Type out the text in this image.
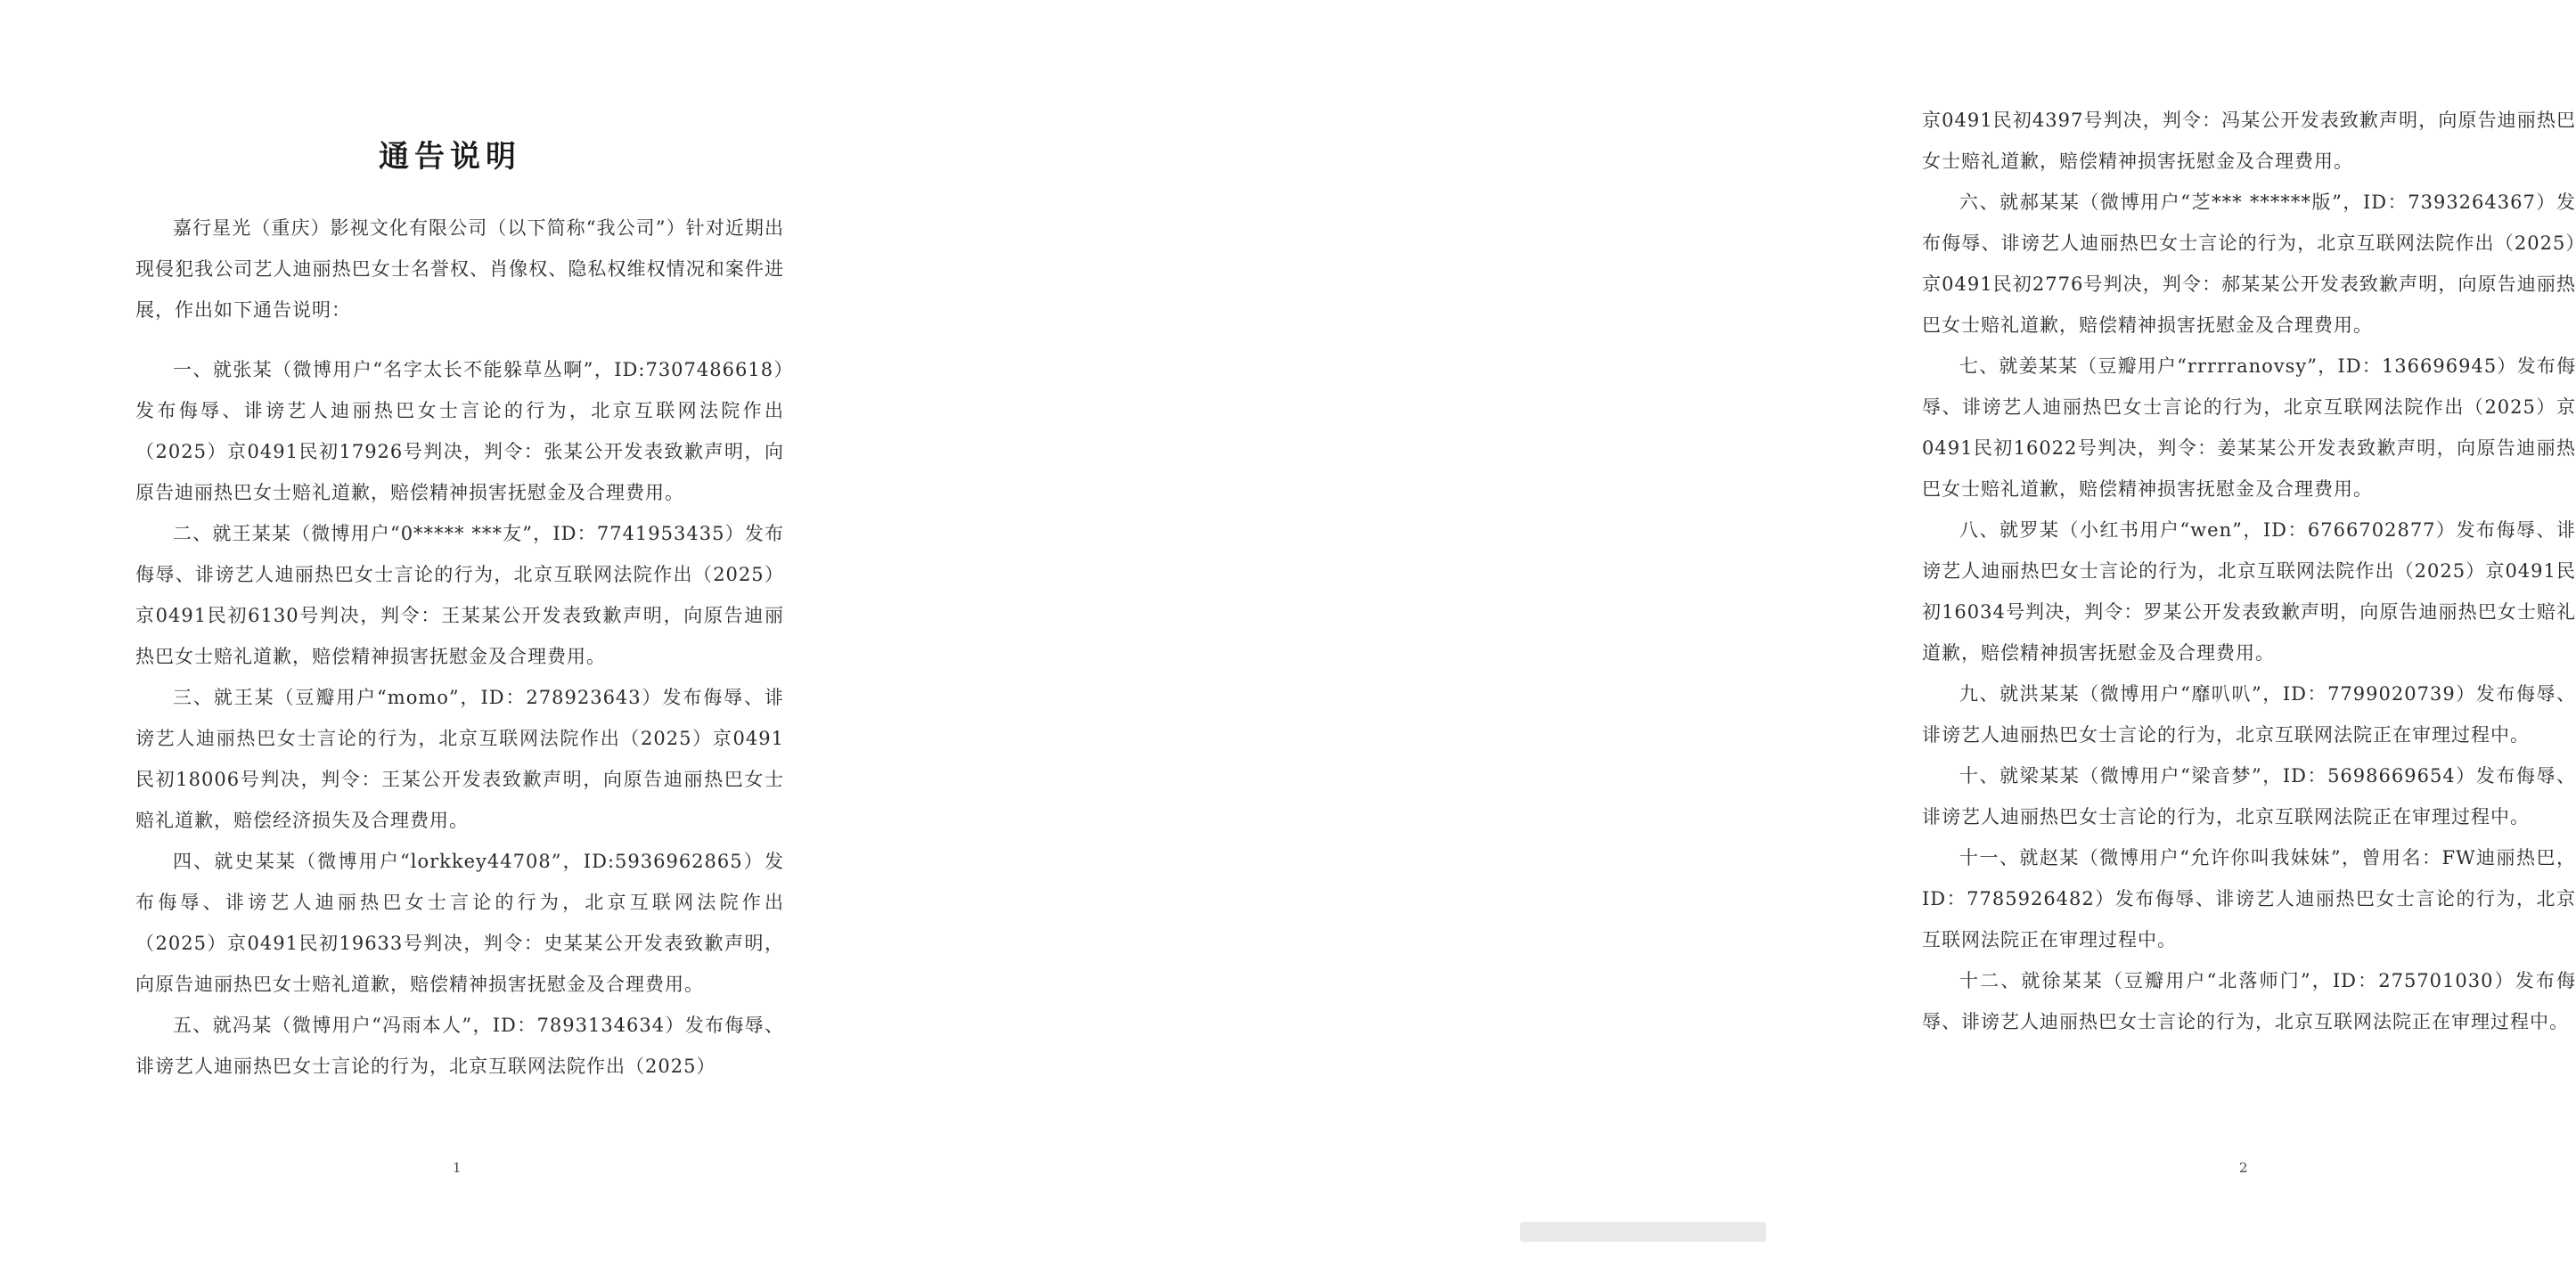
通告说明

嘉行星光（重庆）影视文化有限公司（以下简称“我公司”）针对近期出现侵犯我公司艺人迪丽热巴女士名誉权、肖像权、隐私权维权情况和案件进展，作出如下通告说明：

一、就张某（微博用户“名字太长不能躲草丛啊”，ID:7307486618）发布侮辱、诽谤艺人迪丽热巴女士言论的行为，北京互联网法院作出（2025）京0491民初17926号判决，判令：张某公开发表致歉声明，向原告迪丽热巴女士赔礼道歉，赔偿精神损害抚慰金及合理费用。

二、就王某某（微博用户“0***** ***友”，ID：7741953435）发布侮辱、诽谤艺人迪丽热巴女士言论的行为，北京互联网法院作出（2025）京0491民初6130号判决，判令：王某某公开发表致歉声明，向原告迪丽热巴女士赔礼道歉，赔偿精神损害抚慰金及合理费用。

三、就王某（豆瓣用户“momo”，ID：278923643）发布侮辱、诽谤艺人迪丽热巴女士言论的行为，北京互联网法院作出（2025）京0491民初18006号判决，判令：王某公开发表致歉声明，向原告迪丽热巴女士赔礼道歉，赔偿经济损失及合理费用。

四、就史某某（微博用户“lorkkey44708”，ID:5936962865）发布侮辱、诽谤艺人迪丽热巴女士言论的行为，北京互联网法院作出（2025）京0491民初19633号判决，判令：史某某公开发表致歉声明，向原告迪丽热巴女士赔礼道歉，赔偿精神损害抚慰金及合理费用。

五、就冯某（微博用户“冯雨本人”，ID：7893134634）发布侮辱、诽谤艺人迪丽热巴女士言论的行为，北京互联网法院作出（2025）

1

京0491民初4397号判决，判令：冯某公开发表致歉声明，向原告迪丽热巴女士赔礼道歉，赔偿精神损害抚慰金及合理费用。

六、就郝某某（微博用户“芝*** ******版”，ID：7393264367）发布侮辱、诽谤艺人迪丽热巴女士言论的行为，北京互联网法院作出（2025）京0491民初2776号判决，判令：郝某某公开发表致歉声明，向原告迪丽热巴女士赔礼道歉，赔偿精神损害抚慰金及合理费用。

七、就姜某某（豆瓣用户“rrrrranovsy”，ID：136696945）发布侮辱、诽谤艺人迪丽热巴女士言论的行为，北京互联网法院作出（2025）京0491民初16022号判决，判令：姜某某公开发表致歉声明，向原告迪丽热巴女士赔礼道歉，赔偿精神损害抚慰金及合理费用。

八、就罗某（小红书用户“wen”，ID：6766702877）发布侮辱、诽谤艺人迪丽热巴女士言论的行为，北京互联网法院作出（2025）京0491民初16034号判决，判令：罗某公开发表致歉声明，向原告迪丽热巴女士赔礼道歉，赔偿精神损害抚慰金及合理费用。

九、就洪某某（微博用户“靡叭叭”，ID：7799020739）发布侮辱、诽谤艺人迪丽热巴女士言论的行为，北京互联网法院正在审理过程中。

十、就梁某某（微博用户“梁音梦”，ID：5698669654）发布侮辱、诽谤艺人迪丽热巴女士言论的行为，北京互联网法院正在审理过程中。

十一、就赵某（微博用户“允许你叫我妹妹”，曾用名：FW迪丽热巴，ID：7785926482）发布侮辱、诽谤艺人迪丽热巴女士言论的行为，北京互联网法院正在审理过程中。

十二、就徐某某（豆瓣用户“北落师门”，ID：275701030）发布侮辱、诽谤艺人迪丽热巴女士言论的行为，北京互联网法院正在审理过程中。

2
